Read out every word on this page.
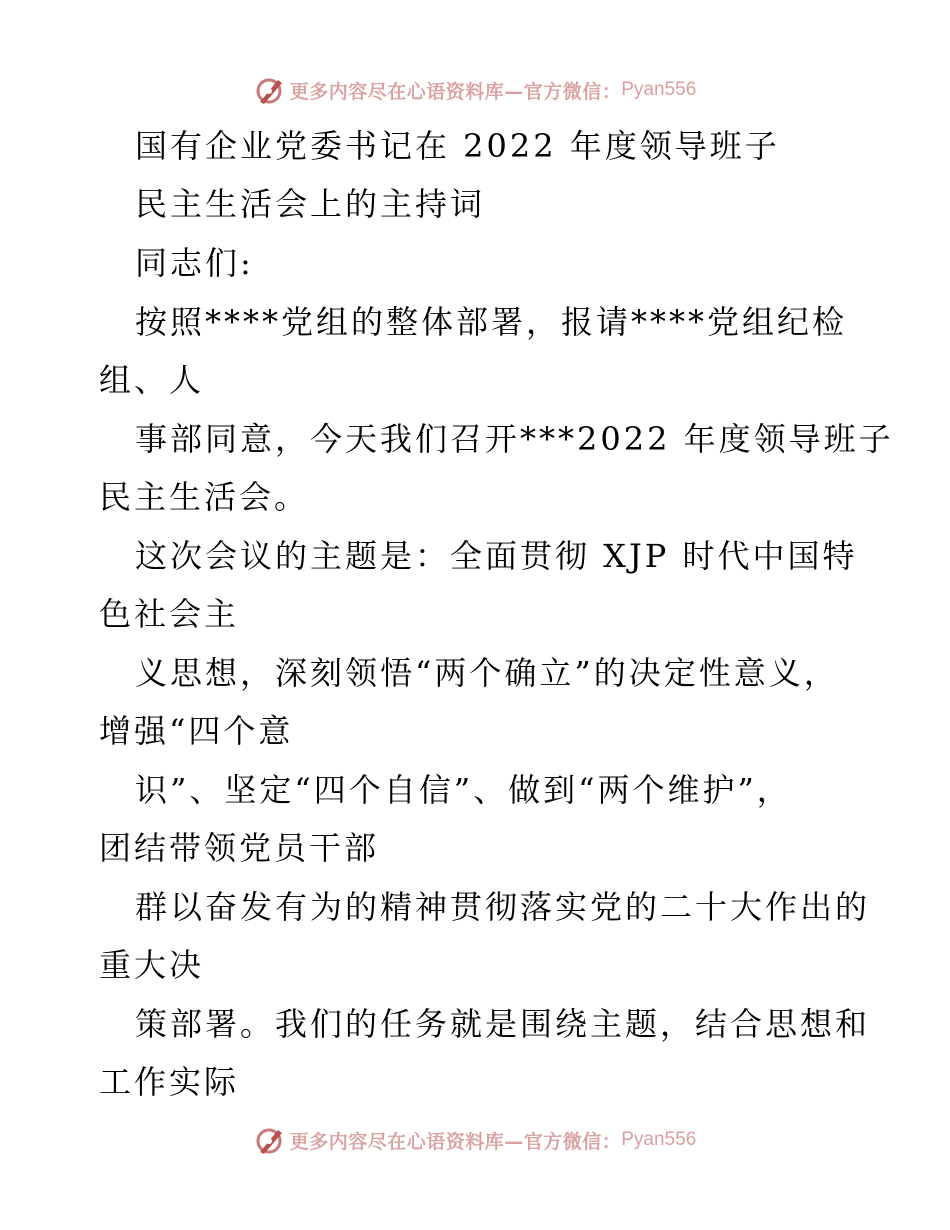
更多内容尽在心语资料库—官方微信： Pyan556
国有企业党委书记在 2022 年度领导班子
民主生活会上的主持词
同志们:
按照****党组的整体部署，报请****党组纪检
组、人
事部同意，今天我们召开***2022 年度领导班子
民主生活会。
这次会议的主题是：全面贯彻 XJP 时代中国特
色社会主
义思想，深刻领悟“两个确立”的决定性意义，
增强“四个意
识”、坚定“四个自信”、做到“两个维护”，
团结带领党员干部
群以奋发有为的精神贯彻落实党的二十大作出的
重大决
策部署。我们的任务就是围绕主题，结合思想和
工作实际
更多内容尽在心语资料库—官方微信： Pyan556
